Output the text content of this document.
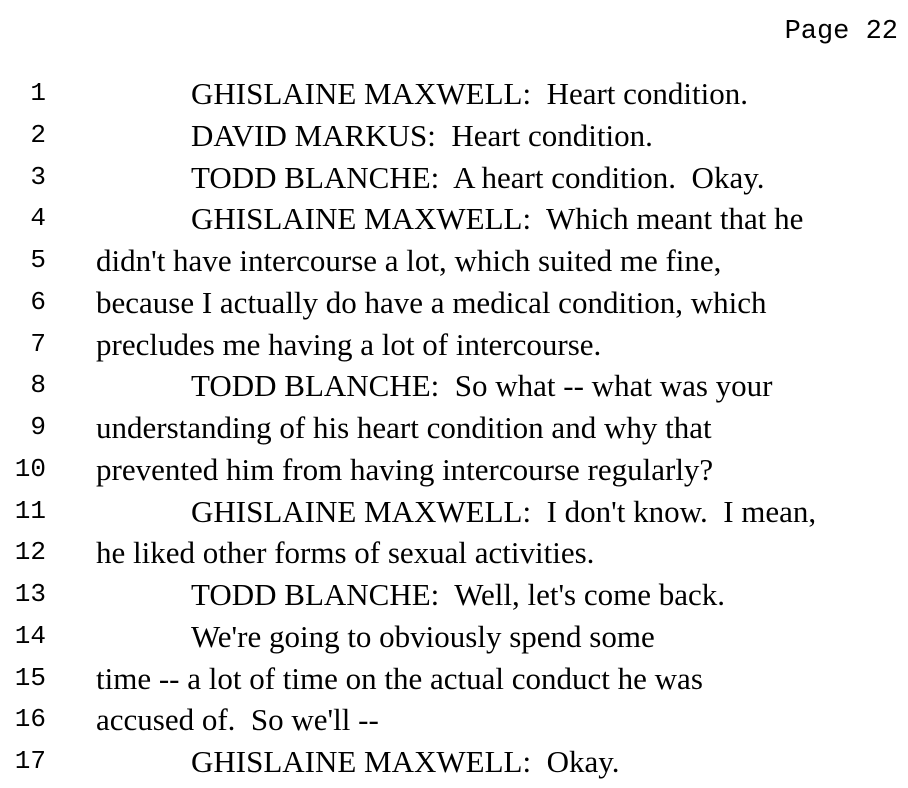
Page 22
1	GHISLAINE MAXWELL:  Heart condition.
2	DAVID MARKUS:  Heart condition.
3	TODD BLANCHE:  A heart condition.  Okay.
4	GHISLAINE MAXWELL:  Which meant that he
5 didn't have intercourse a lot, which suited me fine,
6 because I actually do have a medical condition, which
7 precludes me having a lot of intercourse.
8	TODD BLANCHE:  So what -- what was your
9 understanding of his heart condition and why that
10 prevented him from having intercourse regularly?
11	GHISLAINE MAXWELL:  I don't know.  I mean,
12 he liked other forms of sexual activities.
13	TODD BLANCHE:  Well, let's come back.
14	We're going to obviously spend some
15 time -- a lot of time on the actual conduct he was
16 accused of.  So we'll --
17	GHISLAINE MAXWELL:  Okay.
